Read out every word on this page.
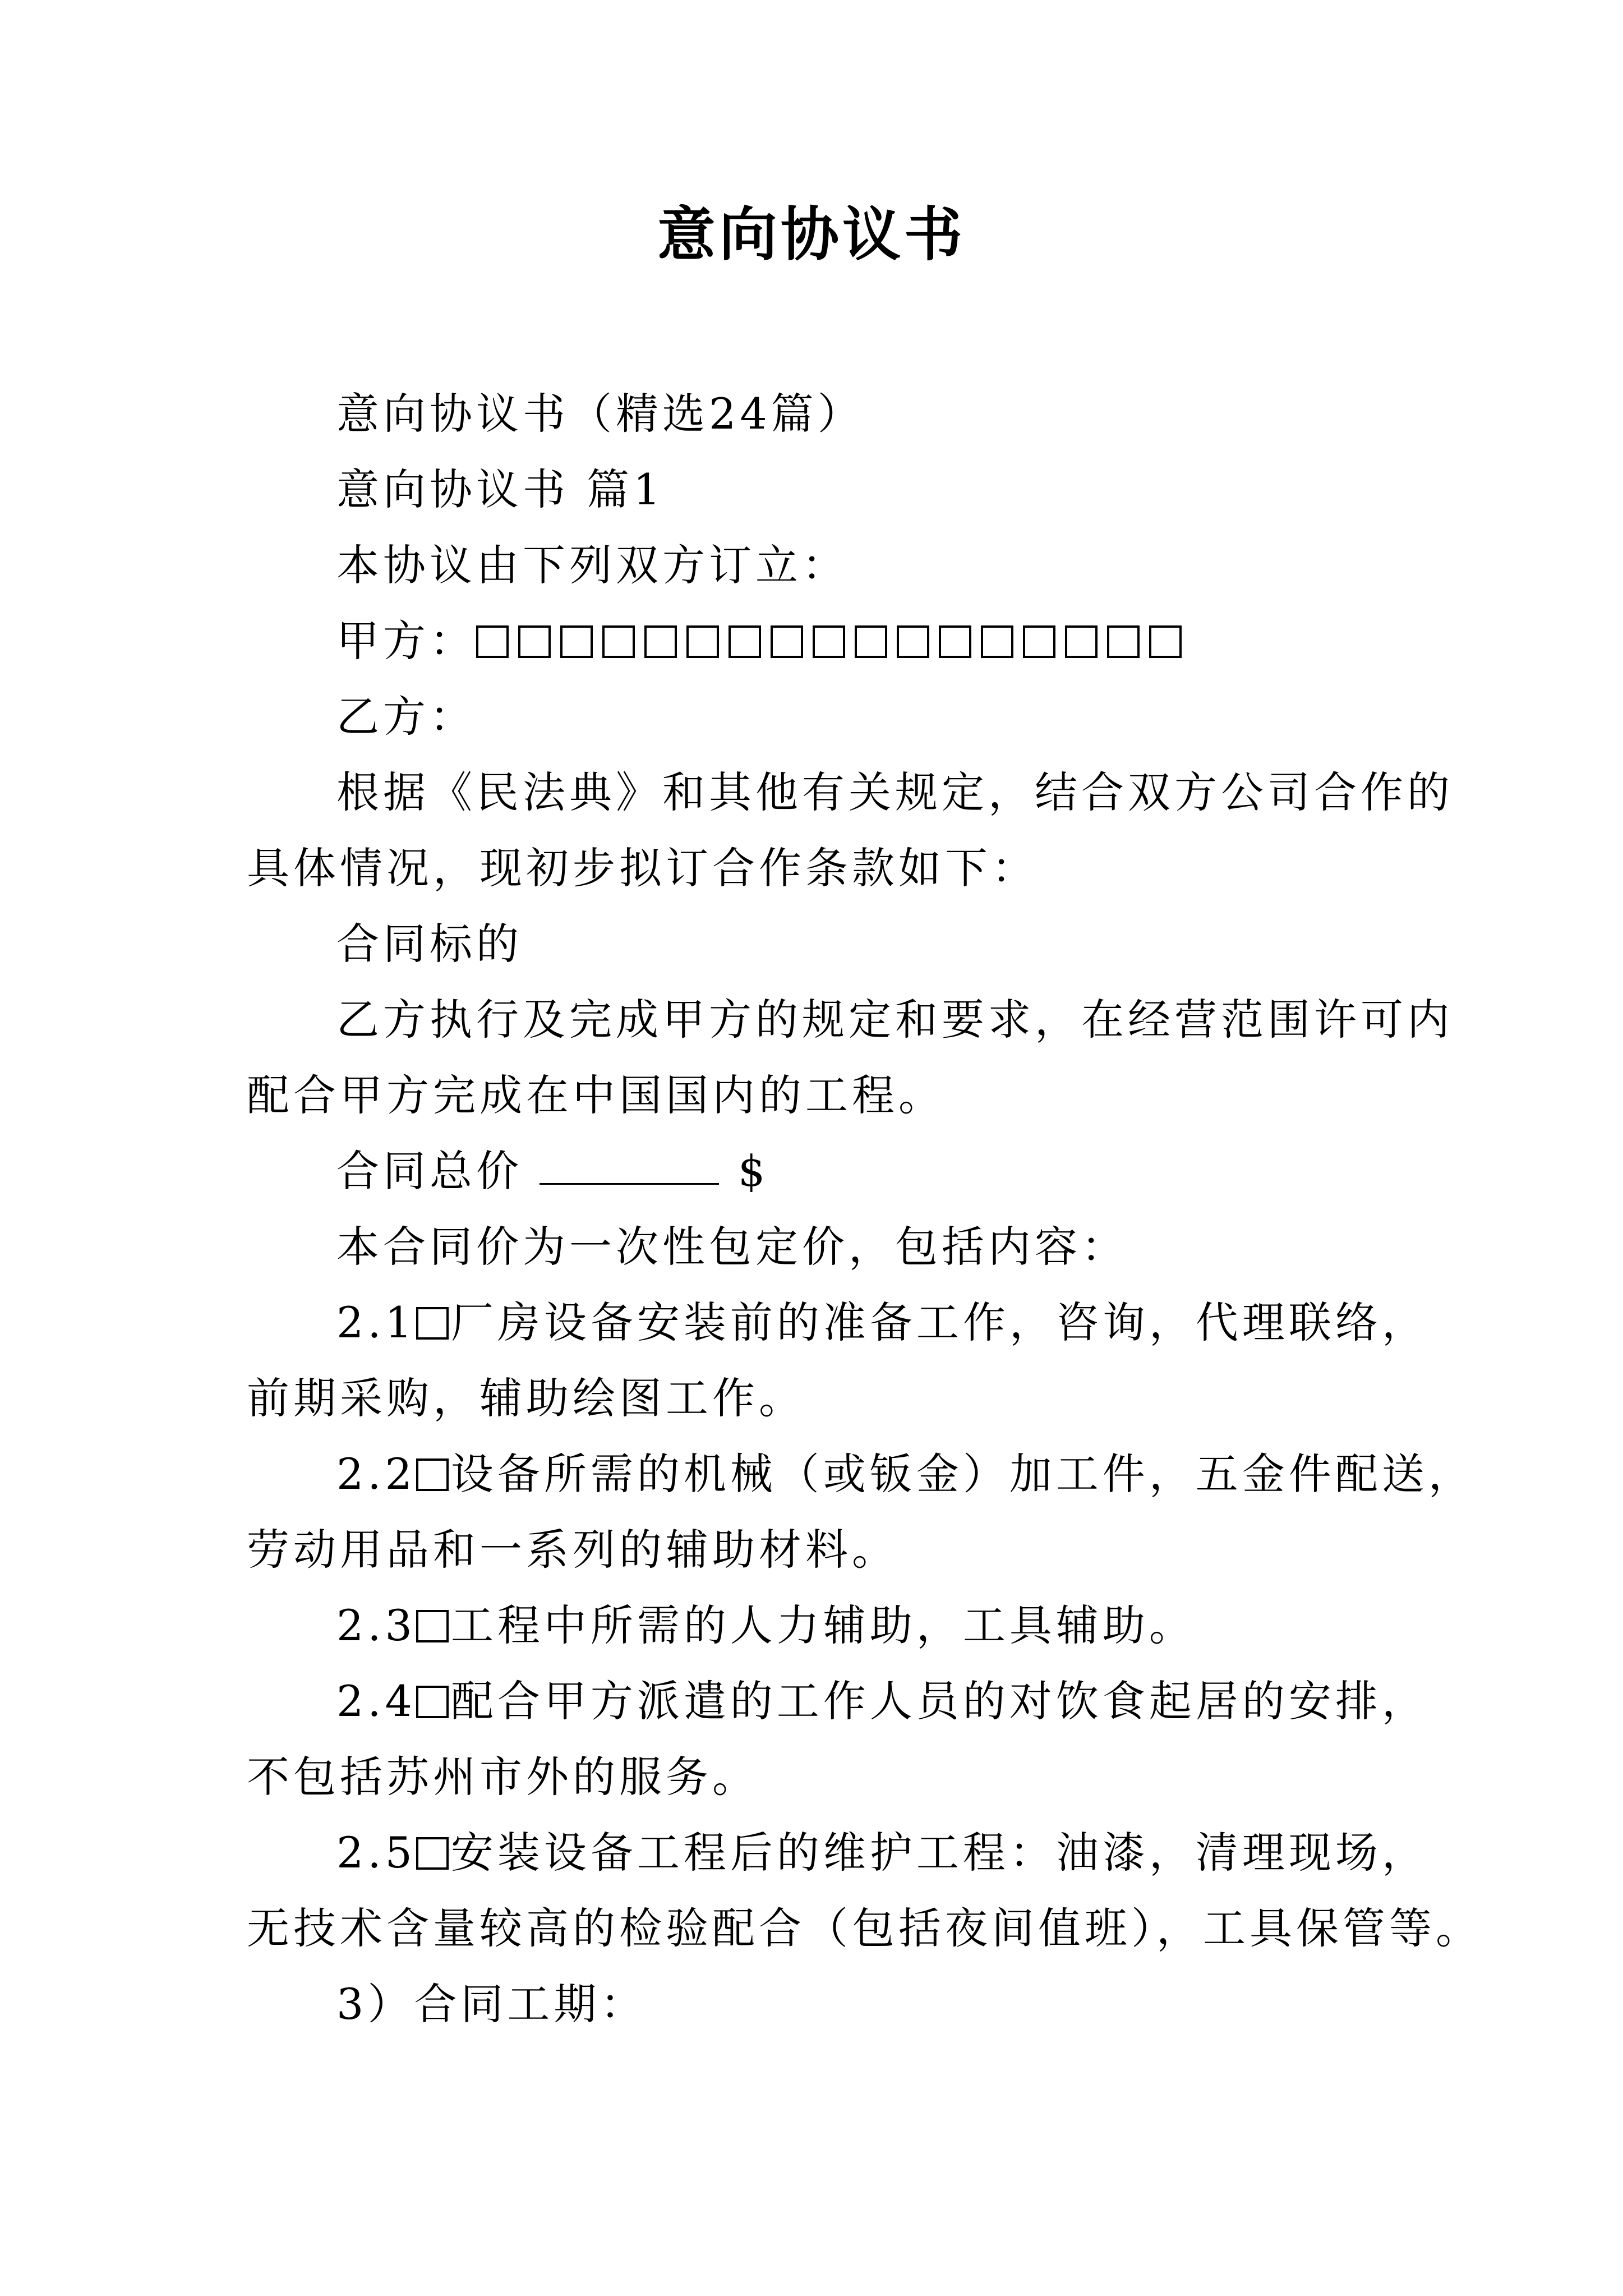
意向协议书
意向协议书（精选24篇）
意向协议书 篇1
本协议由下列双方订立：
甲方：
乙方：
根据《民法典》和其他有关规定，结合双方公司合作的
具体情况，现初步拟订合作条款如下：
合同标的
乙方执行及完成甲方的规定和要求，在经营范围许可内
配合甲方完成在中国国内的工程。
合同总价	$
本合同价为一次性包定价，包括内容：
2.1 厂房设备安装前的准备工作，咨询，代理联络，
前期采购，辅助绘图工作。
2.2 设备所需的机械（或钣金）加工件，五金件配送，
劳动用品和一系列的辅助材料。
2.3 工程中所需的人力辅助，工具辅助。
2.4 配合甲方派遣的工作人员的对饮食起居的安排，
不包括苏州市外的服务。
2.5 安装设备工程后的维护工程：油漆，清理现场，
无技术含量较高的检验配合（包括夜间值班），工具保管等。
3）合同工期：
